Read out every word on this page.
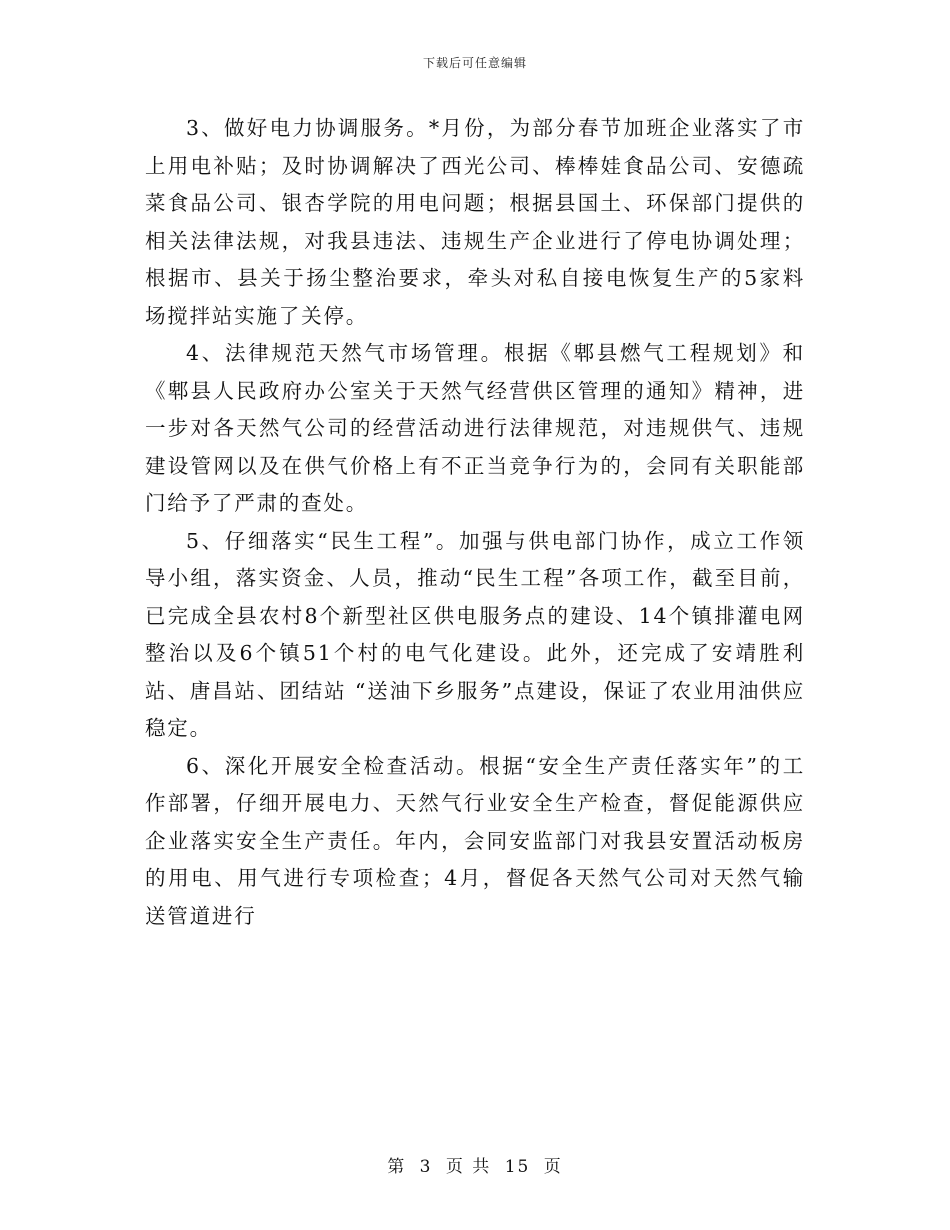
下载后可任意编辑

3、做好电力协调服务。*月份，为部分春节加班企业落实了市上用电补贴；及时协调解决了西光公司、棒棒娃食品公司、安德疏菜食品公司、银杏学院的用电问题；根据县国土、环保部门提供的相关法律法规，对我县违法、违规生产企业进行了停电协调处理；根据市、县关于扬尘整治要求，牵头对私自接电恢复生产的5家料场搅拌站实施了关停。

4、法律规范天然气市场管理。根据《郫县燃气工程规划》和《郫县人民政府办公室关于天然气经营供区管理的通知》精神，进一步对各天然气公司的经营活动进行法律规范，对违规供气、违规建设管网以及在供气价格上有不正当竞争行为的，会同有关职能部门给予了严肃的查处。

5、仔细落实“民生工程”。加强与供电部门协作，成立工作领导小组，落实资金、人员，推动“民生工程”各项工作，截至目前，已完成全县农村8个新型社区供电服务点的建设、14个镇排灌电网整治以及6个镇51个村的电气化建设。此外，还完成了安靖胜利站、唐昌站、团结站 “送油下乡服务”点建设，保证了农业用油供应稳定。

6、深化开展安全检查活动。根据“安全生产责任落实年”的工作部署，仔细开展电力、天然气行业安全生产检查，督促能源供应企业落实安全生产责任。年内，会同安监部门对我县安置活动板房的用电、用气进行专项检查；4月，督促各天然气公司对天然气输送管道进行

第 3 页 共 15 页
